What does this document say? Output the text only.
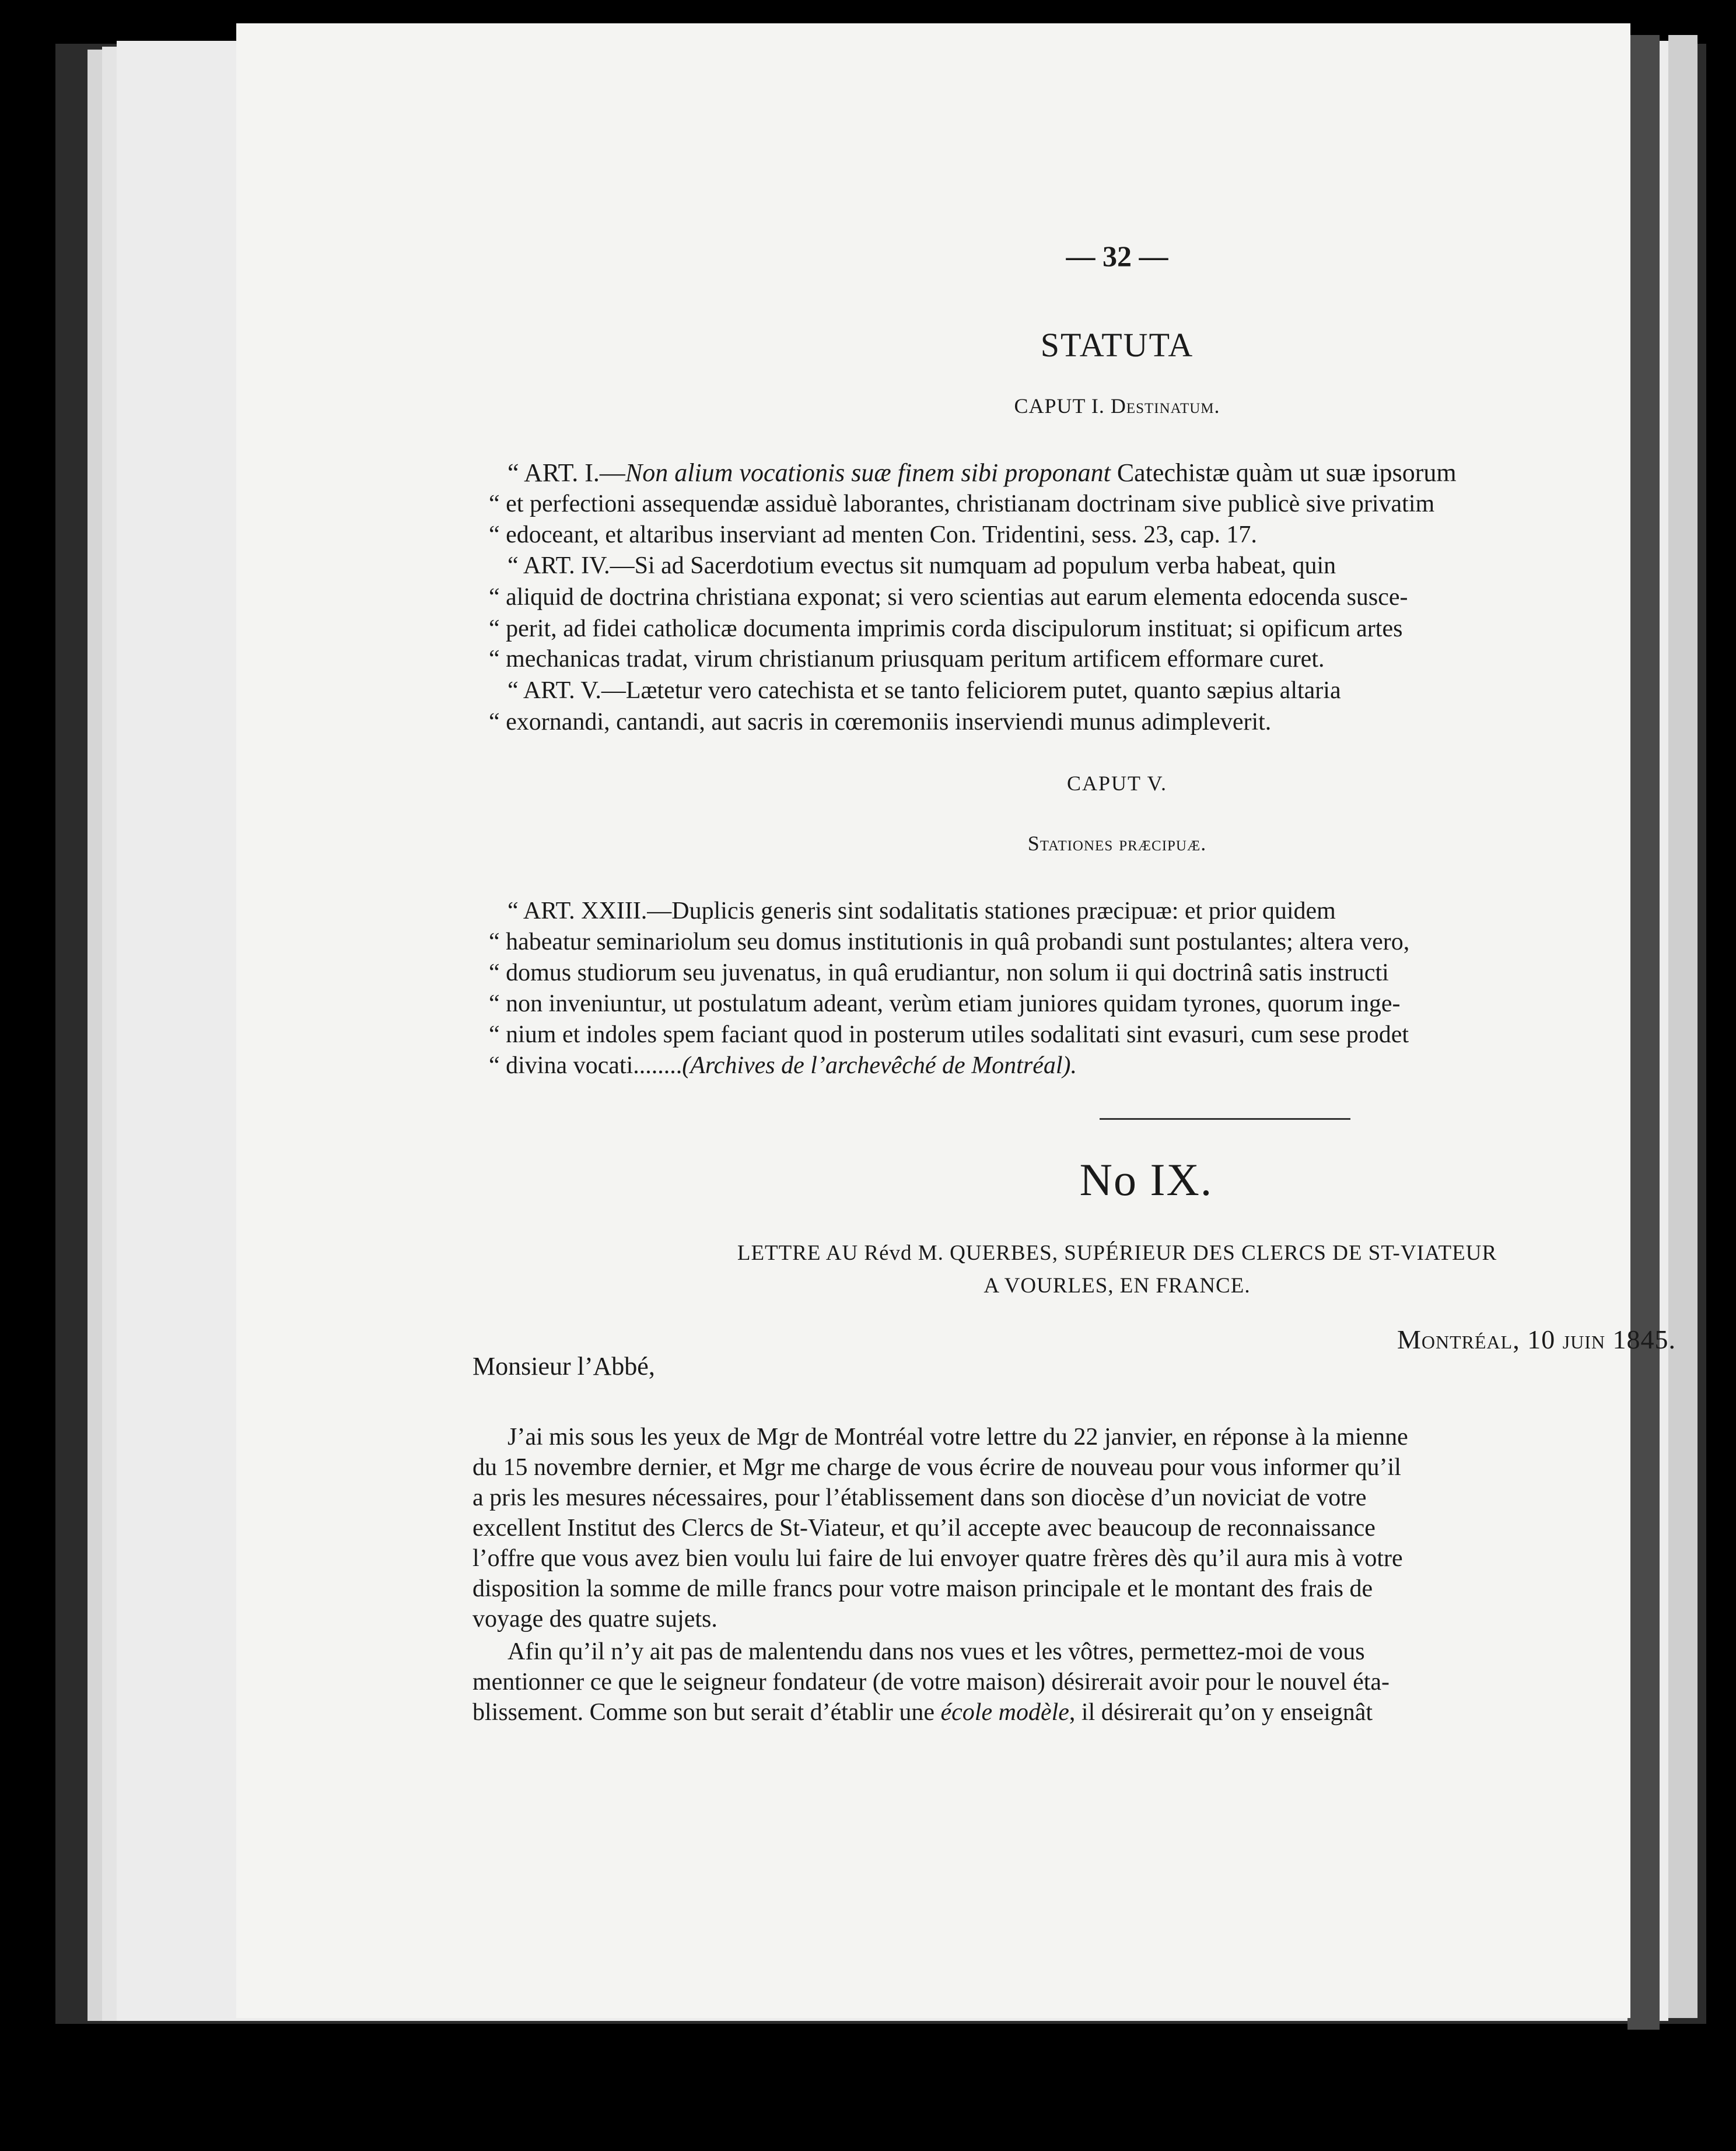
— 32 —
STATUTA
CAPUT I. Destinatum.
“ ART. I.—Non alium vocationis suæ finem sibi proponant Catechistæ quàm ut suæ ipsorum
“ et perfectioni assequendæ assiduè laborantes, christianam doctrinam sive publicè sive privatim
“ edoceant, et altaribus inserviant ad menten Con. Tridentini, sess. 23, cap. 17.
“ ART. IV.—Si ad Sacerdotium evectus sit numquam ad populum verba habeat, quin
“ aliquid de doctrina christiana exponat; si vero scientias aut earum elementa edocenda susce-
“ perit, ad fidei catholicæ documenta imprimis corda discipulorum instituat; si opificum artes
“ mechanicas tradat, virum christianum priusquam peritum artificem efformare curet.
“ ART. V.—Lætetur vero catechista et se tanto feliciorem putet, quanto sæpius altaria
“ exornandi, cantandi, aut sacris in cœremoniis inserviendi munus adimpleverit.
CAPUT V.
Stationes præcipuæ.
“ ART. XXIII.—Duplicis generis sint sodalitatis stationes præcipuæ: et prior quidem
“ habeatur seminariolum seu domus institutionis in quâ probandi sunt postulantes; altera vero,
“ domus studiorum seu juvenatus, in quâ erudiantur, non solum ii qui doctrinâ satis instructi
“ non inveniuntur, ut postulatum adeant, verùm etiam juniores quidam tyrones, quorum inge-
“ nium et indoles spem faciant quod in posterum utiles sodalitati sint evasuri, cum sese prodet
“ divina vocati........(Archives de l’archevêché de Montréal).
No IX.
LETTRE AU Révd M. QUERBES, SUPÉRIEUR DES CLERCS DE ST-VIATEUR
A VOURLES, EN FRANCE.
Montréal, 10 juin 1845.
Monsieur l’Abbé,
J’ai mis sous les yeux de Mgr de Montréal votre lettre du 22 janvier, en réponse à la mienne
du 15 novembre dernier, et Mgr me charge de vous écrire de nouveau pour vous informer qu’il
a pris les mesures nécessaires, pour l’établissement dans son diocèse d’un noviciat de votre
excellent Institut des Clercs de St-Viateur, et qu’il accepte avec beaucoup de reconnaissance
l’offre que vous avez bien voulu lui faire de lui envoyer quatre frères dès qu’il aura mis à votre
disposition la somme de mille francs pour votre maison principale et le montant des frais de
voyage des quatre sujets.
Afin qu’il n’y ait pas de malentendu dans nos vues et les vôtres, permettez-moi de vous
mentionner ce que le seigneur fondateur (de votre maison) désirerait avoir pour le nouvel éta-
blissement. Comme son but serait d’établir une école modèle, il désirerait qu’on y enseignât
